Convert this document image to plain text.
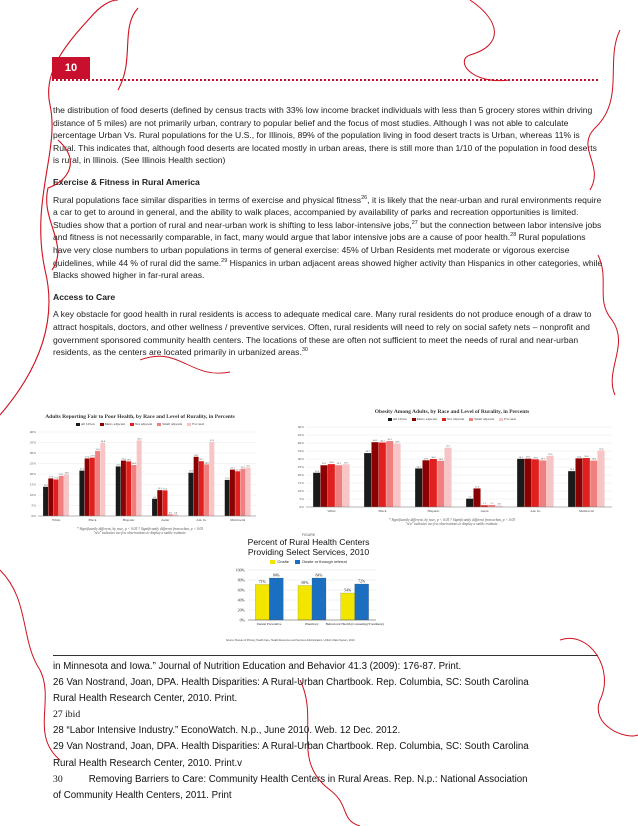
10

the distribution of food deserts (defined by census tracts with 33% low income bracket individuals with less than 5 grocery stores within driving distance of 5 miles) are not primarily urban, contrary to popular belief and the focus of most studies. Although I was not able to calculate percentage Urban Vs. Rural populations for the U.S., for Illinois, 89% of the population living in food desert tracts is Urban, whereas 11% is Rural. This indicates that, although food deserts are located mostly in urban areas, there is still more than 1/10 of the population in food deserts is rural, in Illinois. (See Illinois Health section)

Exercise & Fitness in Rural America

Rural populations face similar disparities in terms of exercise and physical fitness$^{26}$, it is likely that the near-urban and rural environments require a car to get to around in general, and the ability to walk places, accompanied by availability of parks and recreation opportunities is limited. Studies show that a portion of rural and near-urban work is shifting to less labor-intensive jobs,$^{27}$ but the connection between labor intensive jobs and fitness is not necessarily comparable, in fact, many would argue that labor intensive jobs are a cause of poor health.$^{28}$ Rural populations have very close numbers to urban populations in terms of general exercise: 45% of Urban Residents met moderate or vigorous exercise guidelines, while 44 % of rural did the same.$^{29}$ Hispanics in urban adjacent areas showed higher activity than Hispanics in other categories, while Blacks showed higher in far-rural areas.

Access to Care

A key obstacle for good health in rural residents is access to adequate medical care. Many rural residents do not produce enough of a draw to attract hospitals, doctors, and other wellness / preventive services. Often, rural residents will need to rely on social safety nets – nonprofit and government sponsored community health centers. The locations of these are often not sufficient to meet the needs of rural and near-urban residents, as the centers are located primarily in urbanized areas.$^{30}$

Adults Reporting Fair to Poor Health, by Race and Level of Rurality, in Percents
All Urban	Metro adjacent	Not adjacent	Small adjacent	Far rural
0%
5%
10%
15%
20%
25%
30%
35%
40%
13.9
17.9 17.4
19.1 19.8
White
21.6
27.4 27.8
31.0
34.8
Black
23.6
26.4 26.0
24.3
36.0
Hispanic
8.2
12.3 12.2
0.8 0.8
Asian
20.6
28.2
26.1
24.6
35.3
Am. In.
17.2
22.1
21.3
22.5 23.1
Multiracial
* Significantly different, by race, p < 0.05 † Significantly different from urban, p < 0.05
"n/a" indicates too few observations to display a stable estimate.
Obesity Among Adults, by Race and Level of Rurality, in Percents
All Urban	Metro adjacent	Not adjacent	Small adjacent	Far rural
0%
5%
10%
15%
20%
25%
30%
35%
40%
45%
50%
21.4
26.1	26.8	26.1	26.7
White
33.7
40.5	40.3	41.2
39.6
Black
24.1
29.2	30.0
28.9
37.1
Hispanic
5.2
11.6
1.1	1.3	0.8
Asian
30.1	30.2	29.8	29.1
32.0
Am. In.
22.4
30.4	30.6
29.0
35.4
Multiracial
* Significantly different, by race, p < 0.05 † Significantly different from urban, p < 0.05
"n/a" indicates too few observations to display a stable estimate.
FIGURE
Percent of Rural Health Centers Providing Select Services, 2010
Onsite	Onsite or through referral
0%
20%
40%
60%
80%
100%
71%
84%
Dental Preventive
69%
84%
Pharmacy
54%
72%
Behavioral Health (Counseling/Treatment)
Source: Bureau of Primary Health Care, Health Resources and Services Administration, Uniform Data System, 2010.

in Minnesota and Iowa.” Journal of Nutrition Education and Behavior 41.3 (2009): 176-87. Print.

26 Van Nostrand, Joan, DPA. Health Disparities: A Rural-Urban Chartbook. Rep. Columbia, SC: South Carolina

Rural Health Research Center, 2010. Print.

27 ibid

28 “Labor Intensive Industry.” EconoWatch. N.p., June 2010. Web. 12 Dec. 2012.

29 Van Nostrand, Joan, DPA. Health Disparities: A Rural-Urban Chartbook. Rep. Columbia, SC: South Carolina

Rural Health Research Center, 2010. Print.v

30	Removing Barriers to Care: Community Health Centers in Rural Areas. Rep. N.p.: National Association

of Community Health Centers, 2011. Print
